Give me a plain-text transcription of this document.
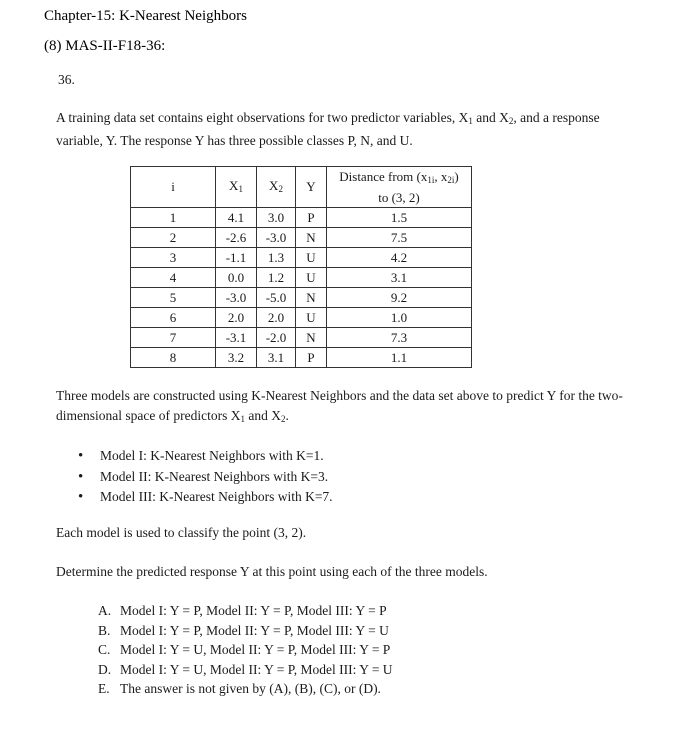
Chapter-15: K-Nearest Neighbors
(8) MAS-II-F18-36:
36.
A training data set contains eight observations for two predictor variables, $X_1$ and $X_2$, and a response variable, Y. The response Y has three possible classes P, N, and U.
i	$X_1$	$X_2$	Y	Distance from ($x_{1i}$, $x_{2i}$)
to (3, 2)
1	4.1	3.0	P	1.5
2	-2.6	-3.0	N	7.5
3	-1.1	1.3	U	4.2
4	0.0	1.2	U	3.1
5	-3.0	-5.0	N	9.2
6	2.0	2.0	U	1.0
7	-3.1	-2.0	N	7.3
8	3.2	3.1	P	1.1
Three models are constructed using K-Nearest Neighbors and the data set above to predict Y for the two-dimensional space of predictors $X_1$ and $X_2$.
• Model I: K-Nearest Neighbors with K=1.
• Model II: K-Nearest Neighbors with K=3.
• Model III: K-Nearest Neighbors with K=7.
Each model is used to classify the point (3, 2).
Determine the predicted response Y at this point using each of the three models.
A. Model I: Y = P, Model II: Y = P, Model III: Y = P
B. Model I: Y = P, Model II: Y = P, Model III: Y = U
C. Model I: Y = U, Model II: Y = P, Model III: Y = P
D. Model I: Y = U, Model II: Y = P, Model III: Y = U
E. The answer is not given by (A), (B), (C), or (D).
